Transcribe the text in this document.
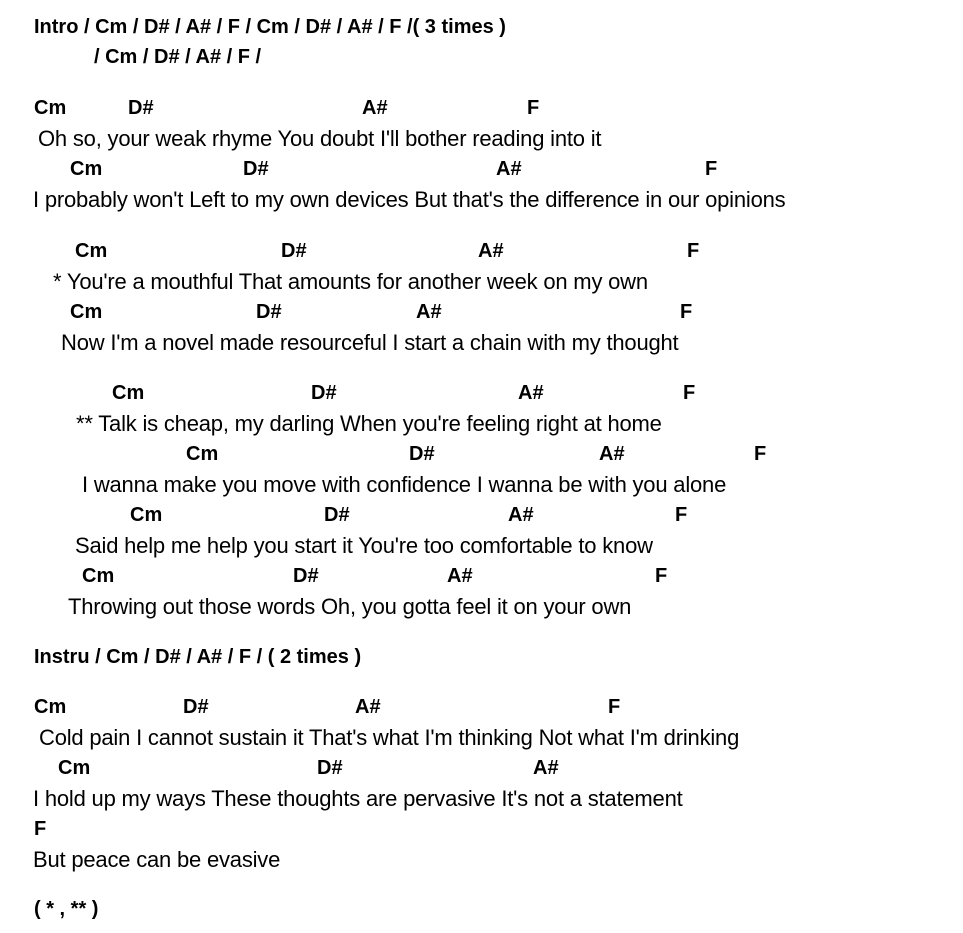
Intro / Cm / D# / A# / F / Cm / D# / A# / F /( 3 times )
/ Cm / D# / A# / F /
Cm	D#	A#	F
Oh so, your weak rhyme You doubt I'll bother reading into it
Cm	D#	A#	F
I probably won't Left to my own devices But that's the difference in our opinions
Cm	D#	A#	F
* You're a mouthful That amounts for another week on my own
Cm	D#	A#	F
Now I'm a novel made resourceful I start a chain with my thought
Cm	D#	A#	F
** Talk is cheap, my darling When you're feeling right at home
Cm	D#	A#	F
I wanna make you move with confidence I wanna be with you alone
Cm	D#	A#	F
Said help me help you start it You're too comfortable to know
Cm	D#	A#	F
Throwing out those words Oh, you gotta feel it on your own
Instru / Cm / D# / A# / F / ( 2 times )
Cm	D#	A#	F
Cold pain I cannot sustain it That's what I'm thinking Not what I'm drinking
Cm	D#	A#
I hold up my ways These thoughts are pervasive It's not a statement
F
But peace can be evasive
( * , ** )
